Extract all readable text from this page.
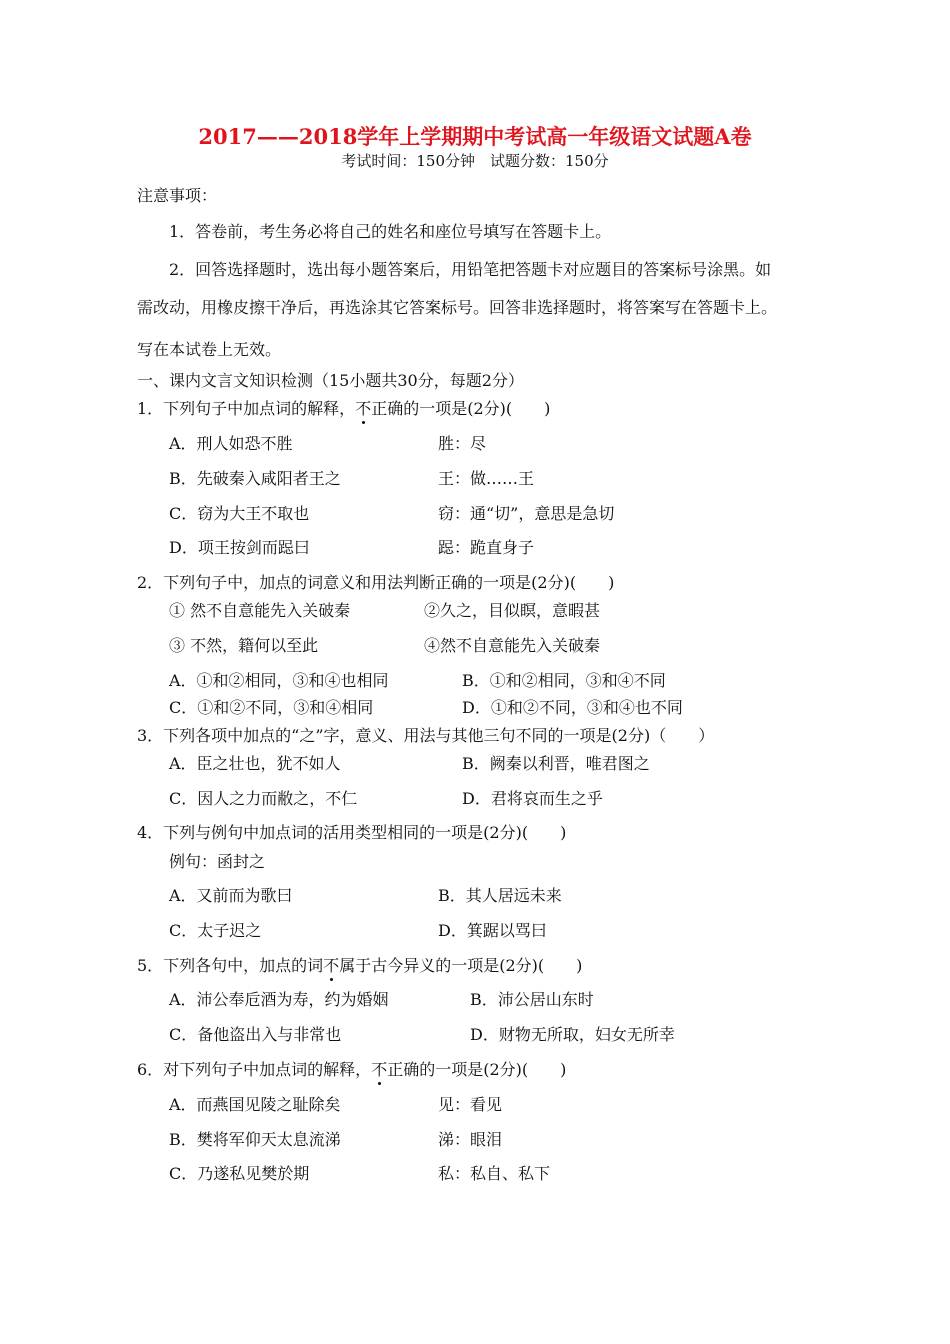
2017——2018学年上学期期中考试高一年级语文试题A卷
考试时间：150分钟　试题分数：150分
注意事项：
1．答卷前，考生务必将自己的姓名和座位号填写在答题卡上。
2．回答选择题时，选出每小题答案后，用铅笔把答题卡对应题目的答案标号涂黑。如
需改动，用橡皮擦干净后，再选涂其它答案标号。回答非选择题时，将答案写在答题卡上。
写在本试卷上无效。
一、课内文言文知识检测（15小题共30分，每题2分）
1．下列句子中加点词的解释，不正确的一项是(2分)(　　)
A．刑人如恐不胜	胜：尽
B．先破秦入咸阳者王之	王：做……王
C．窃为大王不取也	窃：通“切”，意思是急切
D．项王按剑而跽曰	跽：跪直身子
2．下列句子中，加点的词意义和用法判断正确的一项是(2分)(　　)
① 然不自意能先入关破秦	②久之，目似瞑，意暇甚
③ 不然，籍何以至此	④然不自意能先入关破秦
A．①和②相同，③和④也相同	B．①和②相同，③和④不同
C．①和②不同，③和④相同	D．①和②不同，③和④也不同
3．下列各项中加点的“之”字，意义、用法与其他三句不同的一项是(2分)（　　）
A．臣之壮也，犹不如人	B．阙秦以利晋，唯君图之
C．因人之力而敝之，不仁	D．君将哀而生之乎
4．下列与例句中加点词的活用类型相同的一项是(2分)(　　)
例句：函封之
A．又前而为歌曰	B．其人居远未来
C．太子迟之	D．箕踞以骂曰
5．下列各句中，加点的词不属于古今异义的一项是(2分)(　　)
A．沛公奉卮酒为寿，约为婚姻	B．沛公居山东时
C．备他盗出入与非常也	D．财物无所取，妇女无所幸
6．对下列句子中加点词的解释，不正确的一项是(2分)(　　)
A．而燕国见陵之耻除矣	见：看见
B．樊将军仰天太息流涕	涕：眼泪
C．乃遂私见樊於期	私：私自、私下
